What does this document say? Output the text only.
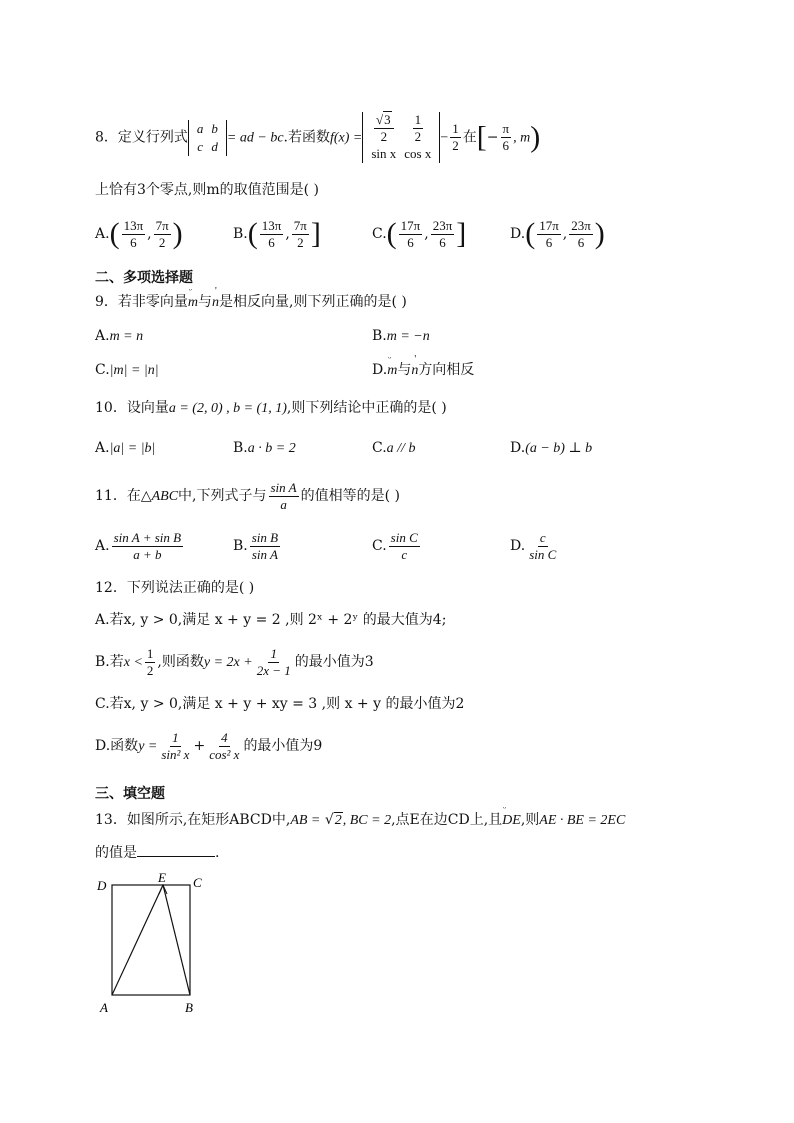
8．定义行列式
a	b
c	d
= ad − bc.若函数$f(x) = \frac{√3}{2}$	$\frac{1}{2}$

sin x	cos x
− $\frac{1}{2}$ 在[− $\frac{\pi}{6}$ , m)
上恰有3个零点,则m的取值范围是( )
$A.( \frac{13\pi}{6}$ , $\frac{7\pi}{2}$ )	$B.( \frac{13\pi}{6}$ , $\frac{7\pi}{2}$ ]	$C.( \frac{17\pi}{6}$ , $\frac{23\pi}{6}$ ]	$D.( \frac{17\pi}{6}$ , $\frac{23\pi}{6}$ )
二、多项选择题
9．若非零向量ᵕ m与' n是相反向量,则下列正确的是( )
A.m = n	B.m = −n
C.|m| = |n|	D.ᵕ m与' n方向相反
10．设向量a = (2, 0) , b = (1, 1),则下列结论中正确的是( )
A.|a| = |b|	B.a · b = 2	C.a // b	D.(a − b) ⊥ b
11．在△ABC中,下列式子与 $\frac{\text{sin A}}{a}$ 的值相等的是( )
A. $\frac{\text{sin A + sin B}}{a + b}$	B. $\frac{\text{sin B}}{\text{sin A}}$	C. $\frac{\text{sin C}}{c}$	D. $\frac{c}{\text{sin C}}$
12．下列说法正确的是( )
A.若x, y > 0,满足 x + y = 2 ,则 2ˣ + 2ʸ 的最大值为4;
B.若$x < \frac{1}{2}$ ,则函数$y = 2x + \frac{1}{2x - 1}$ 的最小值为3
C.若x, y > 0,满足 x + y + xy = 3 ,则 x + y 的最小值为2
D.函数$y = \frac{1}{\text{sin² x}} + \frac{4}{\text{cos² x}}$ 的最小值为9
三、填空题
13．如图所示,在矩形ABCD中,AB = √2, BC = 2,点E在边CD上,且ᵕ DE,则AE · BE = 2EC
的值是	.
D
E C
A	B
